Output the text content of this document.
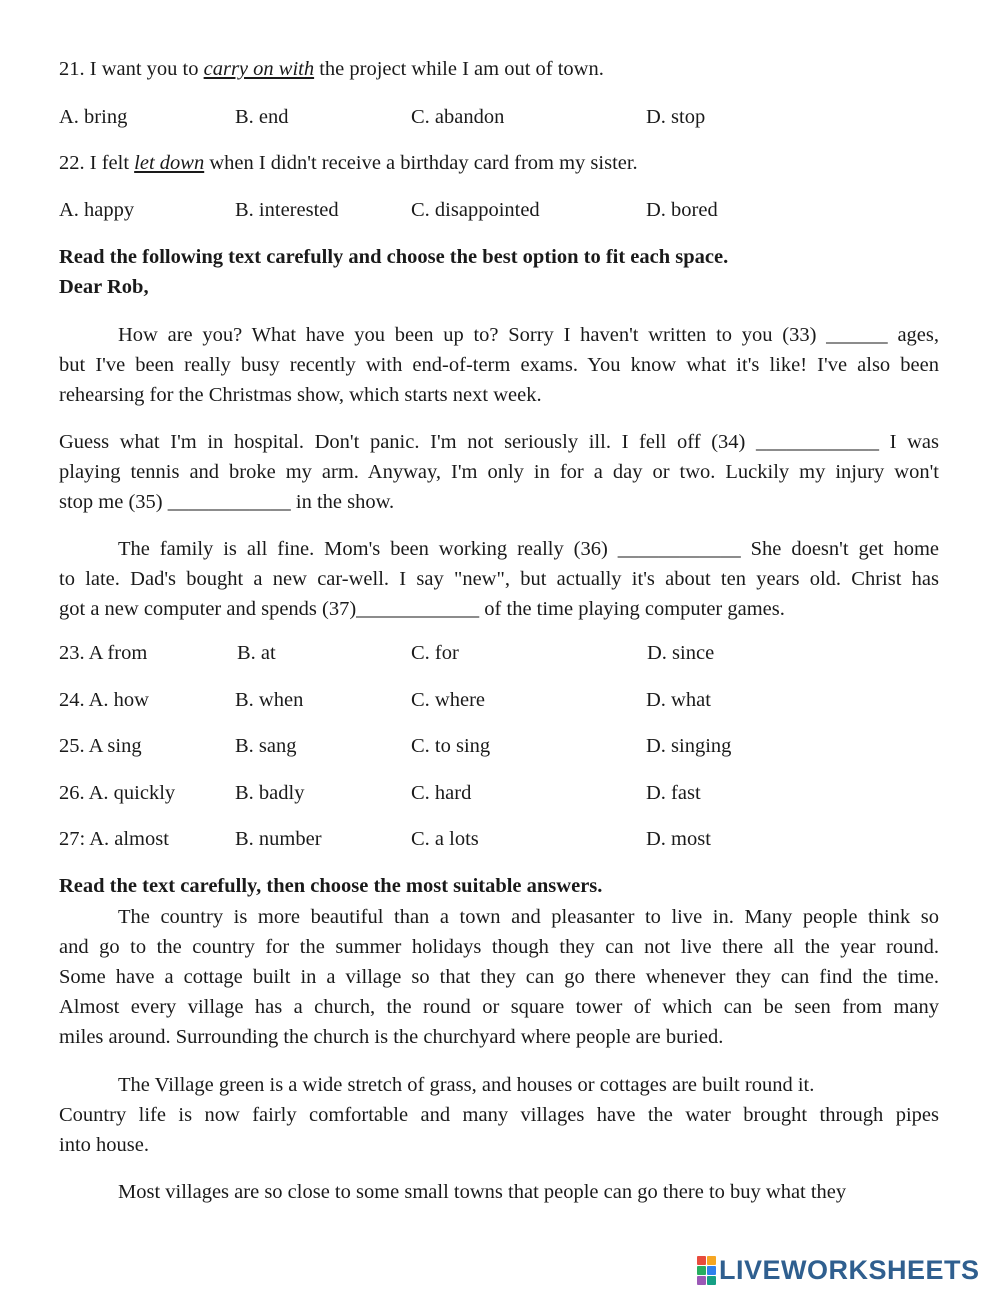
21. I want you to carry on with the project while I am out of town.
A. bring	B. end	C. abandon	D. stop
22. I felt let down when I didn't receive a birthday card from my sister.
A. happy	B. interested	C. disappointed	D. bored
Read the following text carefully and choose the best option to fit each space.
Dear Rob,
How are you? What have you been up to? Sorry I haven't written to you (33) ______ ages,
but I've been really busy recently with end-of-term exams. You know what it's like! I've also been
rehearsing for the Christmas show, which starts next week.
Guess what I'm in hospital. Don't panic. I'm not seriously ill. I fell off (34) ____________ I was
playing tennis and broke my arm. Anyway, I'm only in for a day or two. Luckily my injury won't
stop me (35) ____________ in the show.
The family is all fine. Mom's been working really (36) ____________ She doesn't get home
to late. Dad's bought a new car-well. I say "new", but actually it's about ten years old. Christ has
got a new computer and spends (37)____________ of the time playing computer games.
23. A from	B. at	C. for	D. since
24. A. how	B. when	C. where	D. what
25. A sing	B. sang	C. to sing	D. singing
26. A. quickly	B. badly	C. hard	D. fast
27: A. almost	B. number	C. a lots	D. most
Read the text carefully, then choose the most suitable answers.
The country is more beautiful than a town and pleasanter to live in. Many people think so
and go to the country for the summer holidays though they can not live there all the year round.
Some have a cottage built in a village so that they can go there whenever they can find the time.
Almost every village has a church, the round or square tower of which can be seen from many
miles around. Surrounding the church is the churchyard where people are buried.
The Village green is a wide stretch of grass, and houses or cottages are built round it.
Country life is now fairly comfortable and many villages have the water brought through pipes
into house.
Most villages are so close to some small towns that people can go there to buy what they
LIVEWORKSHEETS
